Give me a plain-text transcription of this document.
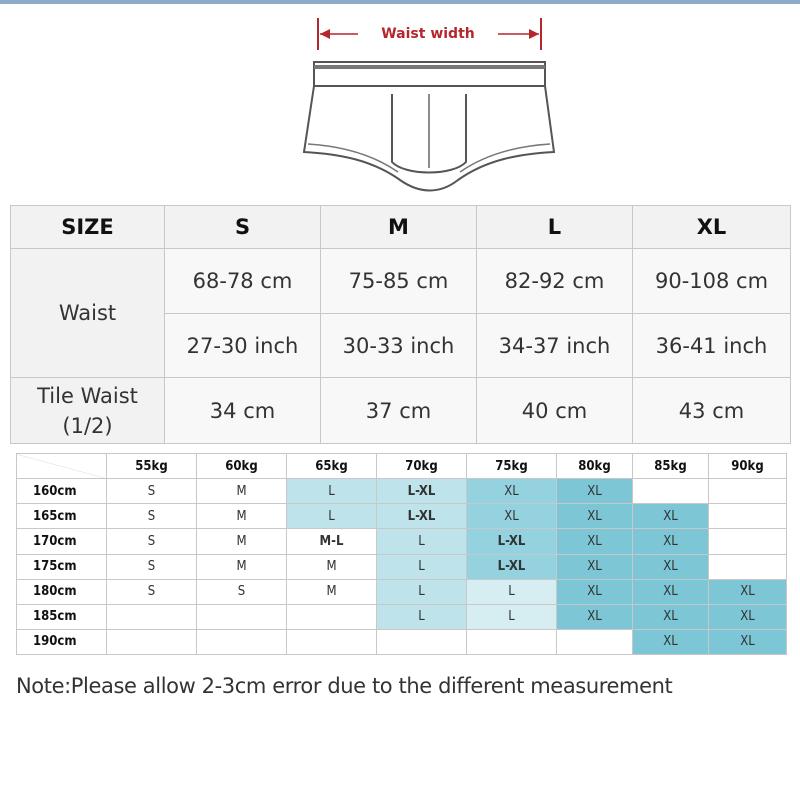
Waist width
SIZE	S	M	L	XL
Waist	68-78 cm	75-85 cm	82-92 cm	90-108 cm
	27-30 inch	30-33 inch	34-37 inch	36-41 inch

Tile Waist
(1/2)	34 cm	37 cm	40 cm	43 cm
	55kg	60kg	65kg	70kg	75kg	80kg	85kg	90kg
160cm	S	M	L	L-XL	XL	XL		
165cm	S	M	L	L-XL	XL	XL	XL	
170cm	S	M	M-L	L	L-XL	XL	XL	
175cm	S	M	M	L	L-XL	XL	XL	
180cm	S	S	M	L	L	XL	XL	XL
185cm				L	L	XL	XL	XL
190cm							XL	XL
Note:Please allow 2-3cm error due to the different measurement
